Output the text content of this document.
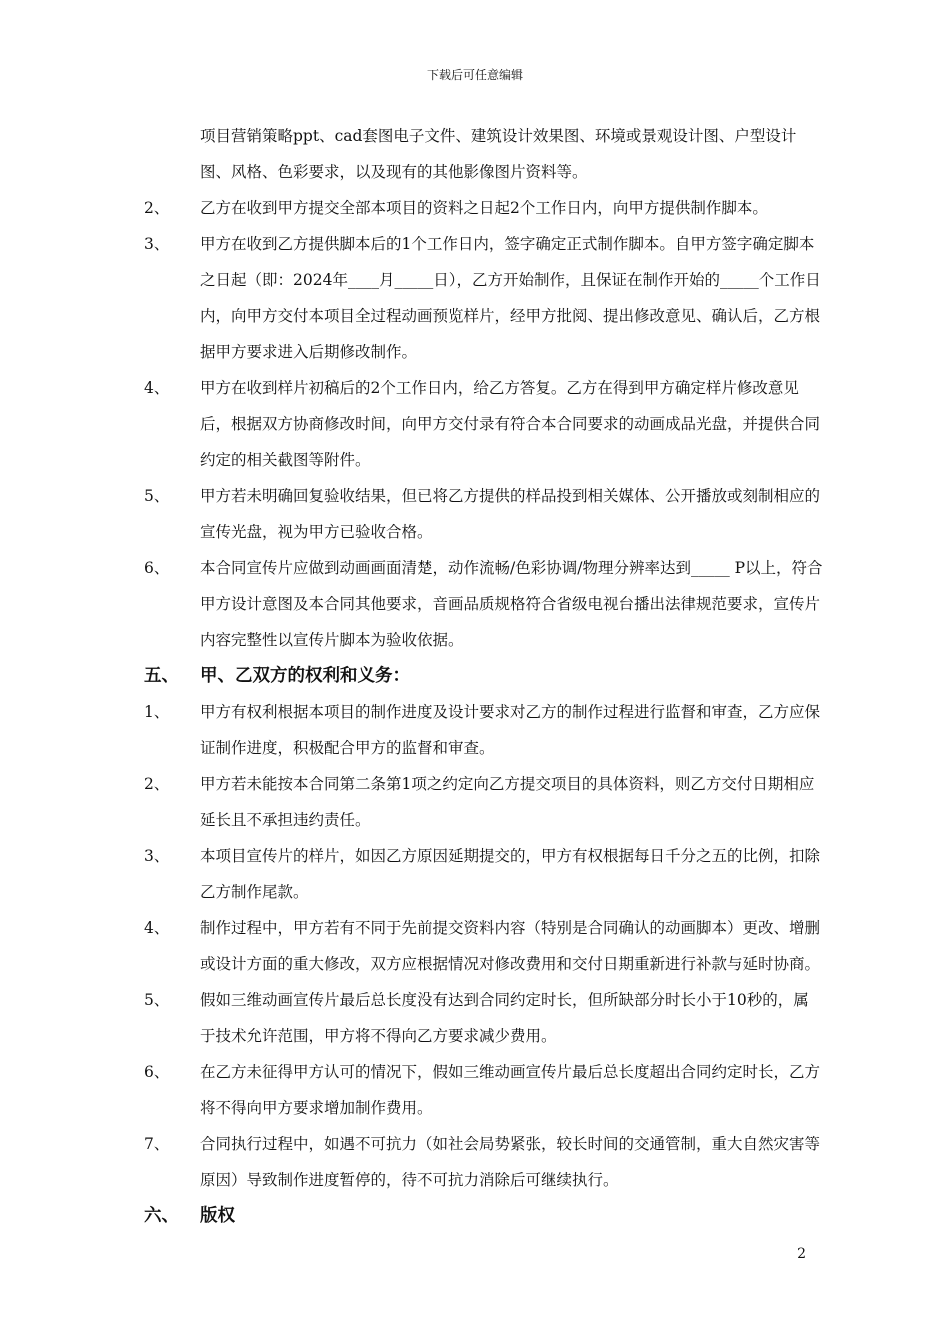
下载后可任意编辑
项目营销策略ppt、cad套图电子文件、建筑设计效果图、环境或景观设计图、户型设计图、风格、色彩要求，以及现有的其他影像图片资料等。
2、	乙方在收到甲方提交全部本项目的资料之日起2个工作日内，向甲方提供制作脚本。
3、	甲方在收到乙方提供脚本后的1个工作日内，签字确定正式制作脚本。自甲方签字确定脚本之日起（即：2024年____月_____日），乙方开始制作，且保证在制作开始的_____个工作日内，向甲方交付本项目全过程动画预览样片，经甲方批阅、提出修改意见、确认后，乙方根据甲方要求进入后期修改制作。
4、	甲方在收到样片初稿后的2个工作日内，给乙方答复。乙方在得到甲方确定样片修改意见后，根据双方协商修改时间，向甲方交付录有符合本合同要求的动画成品光盘，并提供合同约定的相关截图等附件。
5、	甲方若未明确回复验收结果，但已将乙方提供的样品投到相关媒体、公开播放或刻制相应的宣传光盘，视为甲方已验收合格。
6、	本合同宣传片应做到动画画面清楚，动作流畅/色彩协调/物理分辨率达到_____ P以上，符合甲方设计意图及本合同其他要求，音画品质规格符合省级电视台播出法律规范要求，宣传片内容完整性以宣传片脚本为验收依据。
五、	甲、乙双方的权利和义务：
1、	甲方有权利根据本项目的制作进度及设计要求对乙方的制作过程进行监督和审查，乙方应保证制作进度，积极配合甲方的监督和审查。
2、	甲方若未能按本合同第二条第1项之约定向乙方提交项目的具体资料，则乙方交付日期相应延长且不承担违约责任。
3、	本项目宣传片的样片，如因乙方原因延期提交的，甲方有权根据每日千分之五的比例，扣除乙方制作尾款。
4、	制作过程中，甲方若有不同于先前提交资料内容（特别是合同确认的动画脚本）更改、增删或设计方面的重大修改，双方应根据情况对修改费用和交付日期重新进行补款与延时协商。
5、	假如三维动画宣传片最后总长度没有达到合同约定时长，但所缺部分时长小于10秒的，属于技术允许范围，甲方将不得向乙方要求减少费用。
6、	在乙方未征得甲方认可的情况下，假如三维动画宣传片最后总长度超出合同约定时长，乙方将不得向甲方要求增加制作费用。
7、	合同执行过程中，如遇不可抗力（如社会局势紧张，较长时间的交通管制，重大自然灾害等原因）导致制作进度暂停的，待不可抗力消除后可继续执行。
六、	版权
2
